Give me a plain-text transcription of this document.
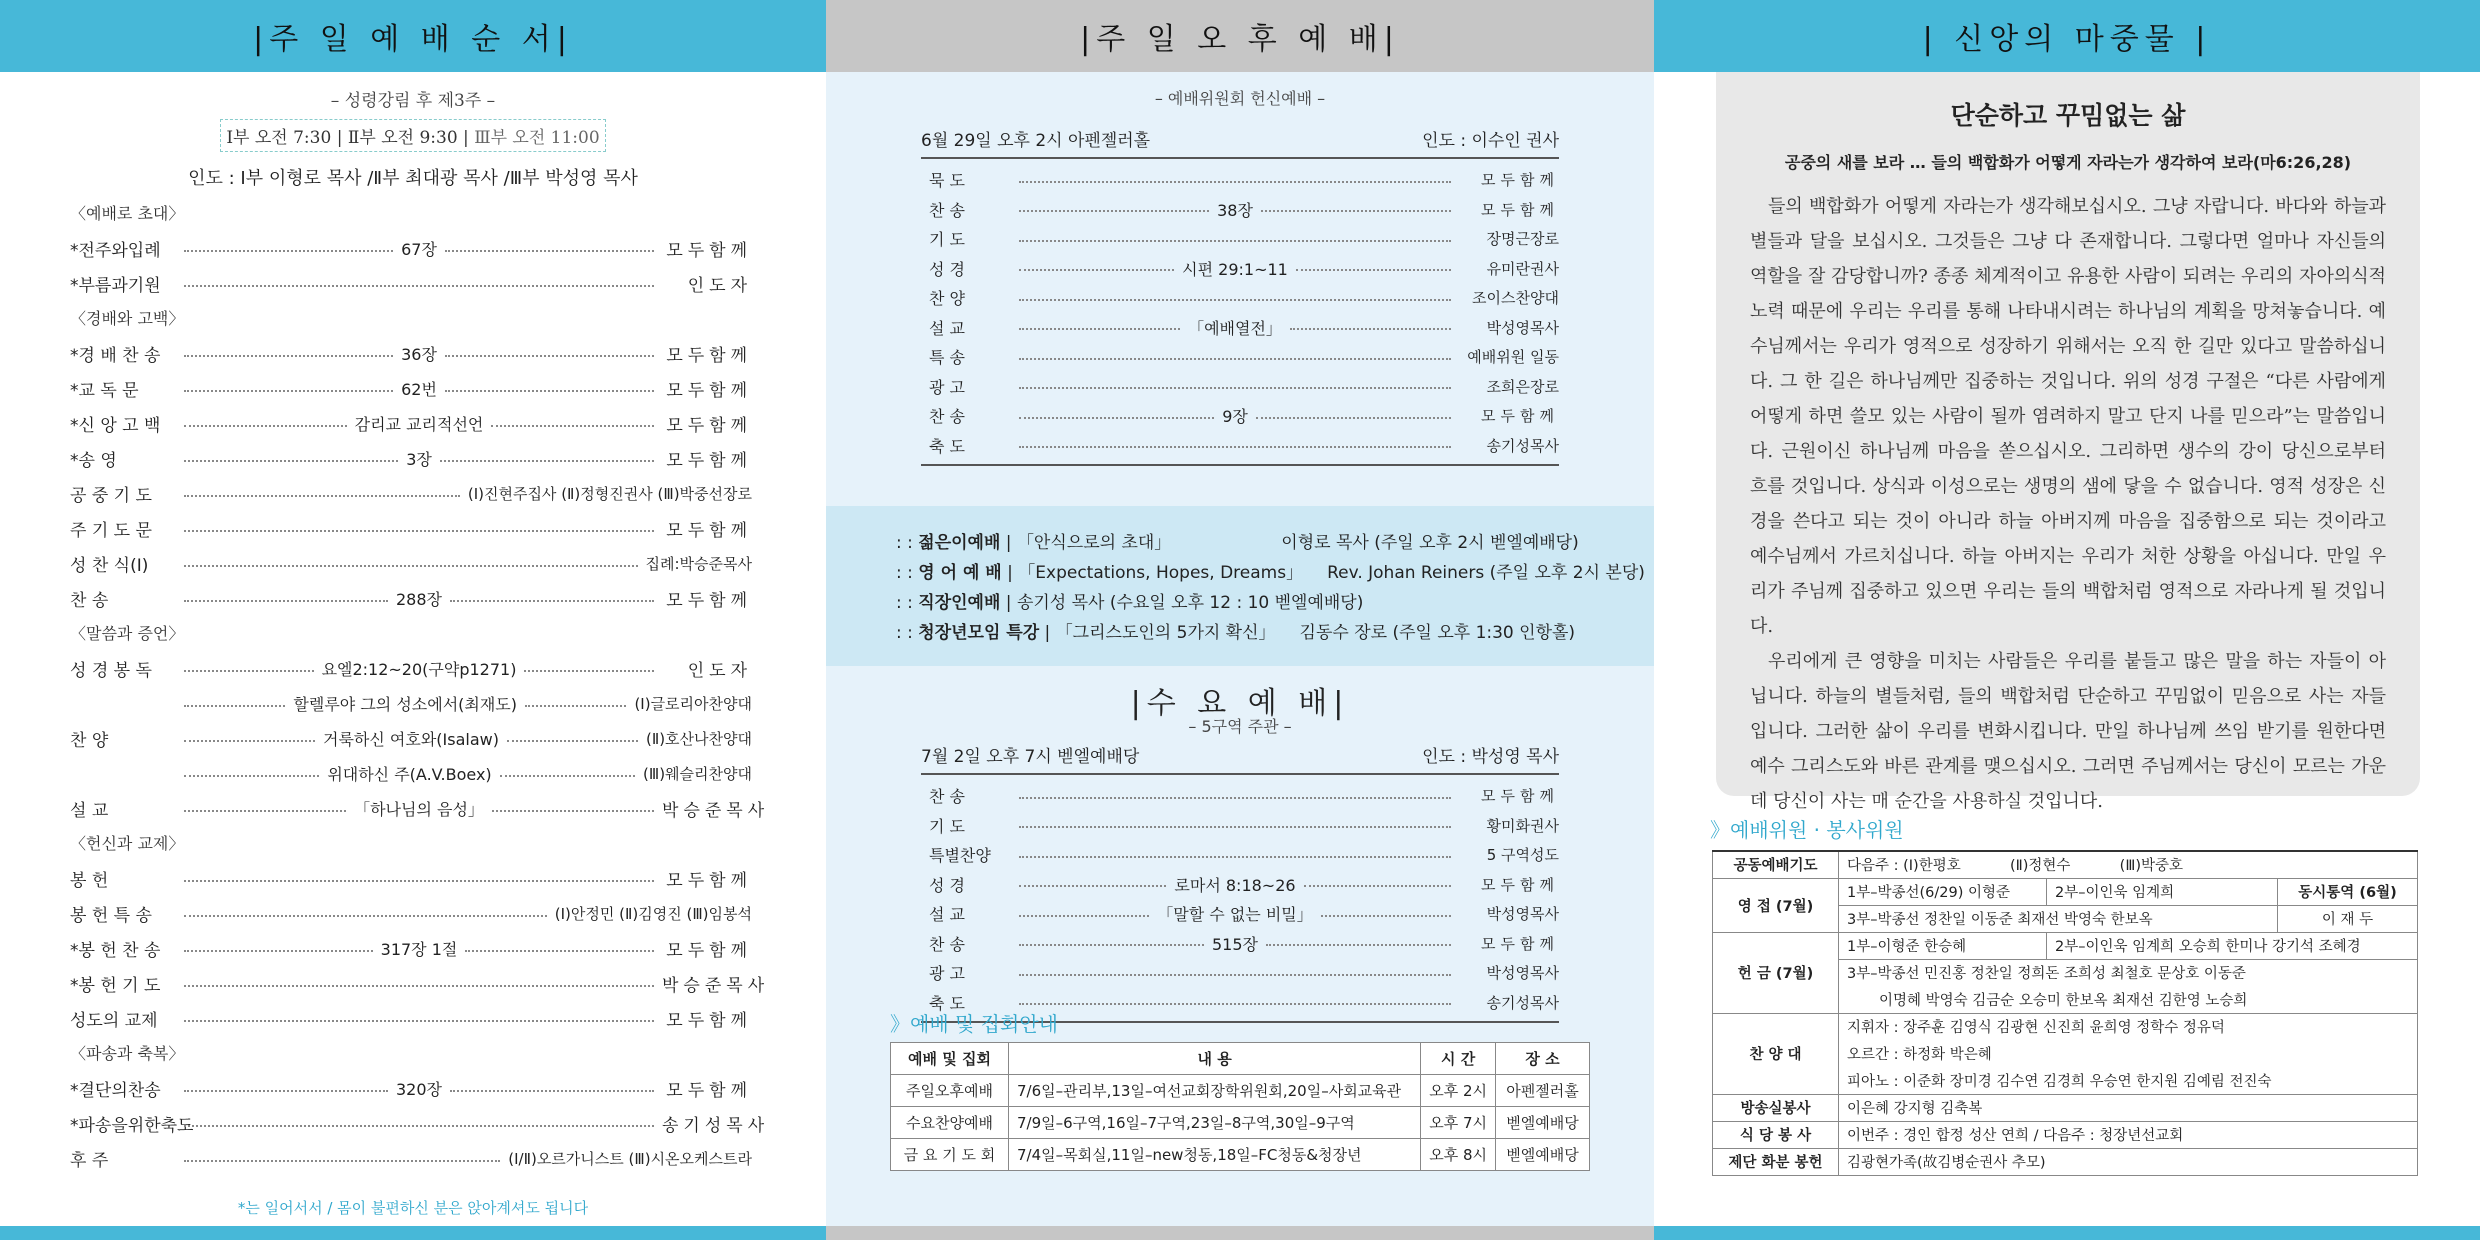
|주 일 예 배 순 서|
– 성령강림 후 제3주 –
Ⅰ부 오전 7:30 | Ⅱ부 오전 9:30 | Ⅲ부 오전 11:00
인도 : Ⅰ부 이형로 목사 /Ⅱ부 최대광 목사 /Ⅲ부 박성영 목사
〈예배로 초대〉
*전주와입례	67장	모두함께
*부름과기원	인도자
〈경배와 고백〉
*경 배 찬 송	36장	모두함께
*교 독 문	62번	모두함께
*신 앙 고 백	감리교 교리적선언	모두함께
*송 영	3장	모두함께
공 중 기 도	(Ⅰ)진현주집사 (Ⅱ)정형진권사 (Ⅲ)박중선장로
주 기 도 문	모두함께
성 찬 식(Ⅰ)	집례:박승준목사
찬 송	288장	모두함께
〈말씀과 증언〉
성 경 봉 독	요엘2:12~20(구약p1271)	인도자
할렐루야 그의 성소에서(최재도)	(Ⅰ)글로리아찬양대
찬 양	거룩하신 여호와(Isalaw)	(Ⅱ)호산나찬양대
위대하신 주(A.V.Boex)	(Ⅲ)웨슬리찬양대
설 교	「하나님의 음성」	박승준목사
〈헌신과 교제〉
봉 헌	모두함께
봉 헌 특 송	(Ⅰ)안정민 (Ⅱ)김영진 (Ⅲ)임봉석
*봉 헌 찬 송	317장 1절	모두함께
*봉 헌 기 도	박승준목사
성도의 교제	모두함께
〈파송과 축복〉
*결단의찬송	320장	모두함께
*파송을위한축도	송기성목사
후 주	(Ⅰ/Ⅱ)오르가니스트 (Ⅲ)시온오케스트라
*는 일어서서 / 몸이 불편하신 분은 앉아계셔도 됩니다
|주 일 오 후 예 배|
– 예배위원회 헌신예배 –
6월 29일 오후 2시 아펜젤러홀	인도 : 이수인 권사
묵 도	모두함께
찬 송	38장	모두함께
기 도	장명근장로
성 경	시편 29:1~11	유미란권사
찬 양	조이스찬양대
설 교	「예배열전」	박성영목사
특 송	예배위원 일동
광 고	조희은장로
찬 송	9장	모두함께
축 도	송기성목사
: : 젊은이예배 | 「안식으로의 초대」	이형로 목사 (주일 오후 2시 벧엘예배당)
: : 영 어 예 배 | 「Expectations, Hopes, Dreams」 Rev. Johan Reiners (주일 오후 2시 본당)
: : 직장인예배 | 송기성 목사 (수요일 오후 12 : 10 벧엘예배당)
: : 청장년모임 특강 | 「그리스도인의 5가지 확신」 김동수 장로 (주일 오후 1:30 인항홀)
|수 요 예 배|
– 5구역 주관 –
7월 2일 오후 7시 벧엘예배당	인도 : 박성영 목사
찬 송	모두함께
기 도	황미화권사
특별찬양	5 구역성도
성 경	로마서 8:18~26	모두함께
설 교	「말할 수 없는 비밀」	박성영목사
찬 송	515장	모두함께
광 고	박성영목사
축 도	송기성목사
》예배 및 집회안내
예배 및 집회	내 용	시 간	장 소
주일오후예배	7/6일–관리부,13일–여선교회장학위원회,20일–사회교육관	오후 2시	아펜젤러홀
수요찬양예배	7/9일–6구역,16일–7구역,23일–8구역,30일–9구역	오후 7시	벧엘예배당
금 요 기 도 회	7/4일–목회실,11일–new청동,18일–FC청동&청장년	오후 8시	벧엘예배당
| 신앙의 마중물 |
단순하고 꾸밈없는 삶
공중의 새를 보라 … 들의 백합화가 어떻게 자라는가 생각하여 보라(마6:26,28)

들의 백합화가 어떻게 자라는가 생각해보십시오. 그냥 자랍니다. 바다와 하늘과 별들과 달을 보십시오. 그것들은 그냥 다 존재합니다. 그렇다면 얼마나 자신들의 역할을 잘 감당합니까? 종종 체계적이고 유용한 사람이 되려는 우리의 자아의식적 노력 때문에 우리는 우리를 통해 나타내시려는 하나님의 계획을 망쳐놓습니다. 예수님께서는 우리가 영적으로 성장하기 위해서는 오직 한 길만 있다고 말씀하십니다. 그 한 길은 하나님께만 집중하는 것입니다. 위의 성경 구절은 “다른 사람에게 어떻게 하면 쓸모 있는 사람이 될까 염려하지 말고 단지 나를 믿으라”는 말씀입니다. 근원이신 하나님께 마음을 쏟으십시오. 그리하면 생수의 강이 당신으로부터 흐를 것입니다. 상식과 이성으로는 생명의 샘에 닿을 수 없습니다. 영적 성장은 신경을 쓴다고 되는 것이 아니라 하늘 아버지께 마음을 집중함으로 되는 것이라고 예수님께서 가르치십니다. 하늘 아버지는 우리가 처한 상황을 아십니다. 만일 우리가 주님께 집중하고 있으면 우리는 들의 백합처럼 영적으로 자라나게 될 것입니다.

우리에게 큰 영향을 미치는 사람들은 우리를 붙들고 많은 말을 하는 자들이 아닙니다. 하늘의 별들처럼, 들의 백합처럼 단순하고 꾸밈없이 믿음으로 사는 자들입니다. 그러한 삶이 우리를 변화시킵니다. 만일 하나님께 쓰임 받기를 원한다면 예수 그리스도와 바른 관계를 맺으십시오. 그러면 주님께서는 당신이 모르는 가운데 당신이 사는 매 순간을 사용하실 것입니다.

》예배위원 · 봉사위원
공동예배기도	다음주 : (Ⅰ)한평호 (Ⅱ)정현수 (Ⅲ)박중호		
영 접 (7월)	1부–박종선(6/29) 이형준	2부–이인욱 임계희	동시통역 (6월)
	3부–박종선 정찬일 이동준 최재선 박영숙 한보옥		이 재 두
헌 금 (7월)	1부–이형준 한승혜	2부–이인욱 임계희 오승희 한미나 강기석 조혜경	
	3부–박종선 민진홍 정찬일 정희돈 조희성 최철호 문상호 이동준		
	이명혜 박영숙 김금순 오승미 한보옥 최재선 김한영 노승희		
찬 양 대	지휘자 : 장주훈 김영식 김광현 신진희 윤희영 정학수 정유덕		
	오르간 : 하정화 박은혜		
	피아노 : 이준화 장미경 김수연 김경희 우승연 한지원 김예림 전진숙		
방송실봉사	이은혜 강지형 김축복		
식 당 봉 사	이번주 : 경인 합정 성산 연희 / 다음주 : 청장년선교회		
제단 화분 봉헌	김광현가족(故김병순권사 추모)		
